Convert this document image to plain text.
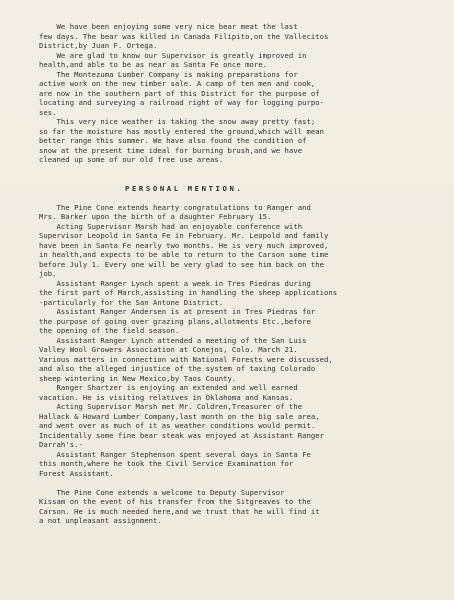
We have been enjoying some very nice bear meat the last
few days. The bear was killed in Canada Filipito,on the Vallecitos
District,by Juan F. Ortega.
We are glad to know our Supervisor is greatly improved in
health,and able to be as near as Santa Fe once more.
The Montezuma Lumber Company is making preparations for
active work on the new timber sale. A camp of ten men and cook,
are now in the southern part of this District for the purpose of
locating and surveying a railroad right of way for logging purpo-
ses.
This very nice weather is taking the snow away pretty fast;
so far the moisture has mostly entered the ground,which will mean
better range this summer. We have also found the condition of
snow at the present time ideal for burning brush,and we have
cleaned up some of our old free use areas.
PERSONAL MENTION.
The Pine Cone extends hearty congratulations to Ranger and
Mrs. Barker upon the birth of a daughter February 15.
Acting Supervisor Marsh had an enjoyable conference with
Supervisor Leopold in Santa Fe in February. Mr. Leopold and family
have been in Santa Fe nearly two months. He is very much improved,
in health,and expects to be able to return to the Carson some time
before July 1. Every one will be very glad to see him back on the
job.
Assistant Ranger Lynch spent a week in Tres Piedras during
the first part of March,assisting in handling the sheep applications
-particularly for the San Antone District.
Assistant Ranger Andersen is at present in Tres Piedras for
the purpose of going over grazing plans,allotments Etc.,before
the opening of the field season.
Assistant Ranger Lynch attended a meeting of the San Luis
Valley Wool Growers Association at Conejos, Colo. March 21.
Various matters in connection with National Forests were discussed,
and also the alleged injustice of the system of taxing Colorado
sheep wintering in New Mexico,by Taos County.
Ranger Shartzer is enjoying an extended and well earned
vacation. He is visiting relatives in Oklahoma and Kansas.
Acting Supervisor Marsh met Mr. Coldren,Treasurer of the
Hallack & Howard Lumber Company,last month on the big sale area,
and went over as much of it as weather conditions would permit.
Incidentally some fine bear steak was enjoyed at Assistant Ranger
Darrah's.-
Assistant Ranger Stephenson spent several days in Santa Fe
this month,where he took the Civil Service Examination for
Forest Assistant.
The Pine Cone extends a welcome to Deputy Supervisor
Kissam on the event of his transfer from the Sitgreaves to the
Carson. He is much needed here,and we trust that he will find it
a not unpleasant assignment.
